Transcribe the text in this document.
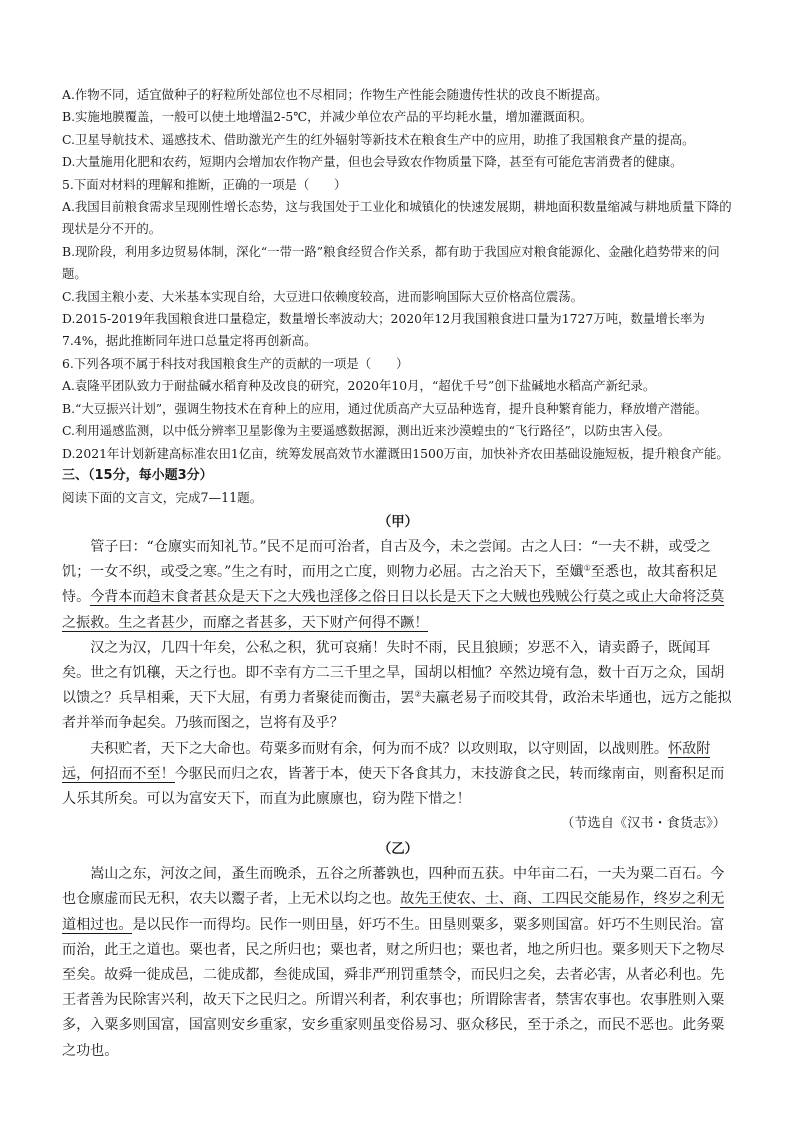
A.作物不同，适宜做种子的籽粒所处部位也不尽相同；作物生产性能会随遗传性状的改良不断提高。

B.实施地膜覆盖，一般可以使土地增温2-5℃，并减少单位农产品的平均耗水量，增加灌溉面积。

C.卫星导航技术、遥感技术、借助激光产生的红外辐射等新技术在粮食生产中的应用，助推了我国粮食产量的提高。

D.大量施用化肥和农药，短期内会增加农作物产量，但也会导致农作物质量下降，甚至有可能危害消费者的健康。

5.下面对材料的理解和推断，正确的一项是（　　）

A.我国目前粮食需求呈现刚性增长态势，这与我国处于工业化和城镇化的快速发展期，耕地面积数量缩减与耕地质量下降的现状是分不开的。

B.现阶段，利用多边贸易体制，深化“一带一路”粮食经贸合作关系，都有助于我国应对粮食能源化、金融化趋势带来的问题。

C.我国主粮小麦、大米基本实现自给，大豆进口依赖度较高，进而影响国际大豆价格高位震荡。

D.2015-2019年我国粮食进口量稳定，数量增长率波动大；2020年12月我国粮食进口量为1727万吨，数量增长率为7.4%，据此推断同年进口总量定将再创新高。

6.下列各项不属于科技对我国粮食生产的贡献的一项是（　　）

A.袁隆平团队致力于耐盐碱水稻育种及改良的研究，2020年10月，“超优千号”创下盐碱地水稻高产新纪录。

B.“大豆振兴计划”，强调生物技术在育种上的应用，通过优质高产大豆品种选育，提升良种繁育能力，释放增产潜能。

C.利用遥感监测，以中低分辨率卫星影像为主要遥感数据源，测出近来沙漠蝗虫的“飞行路径”，以防虫害入侵。

D.2021年计划新建高标准农田1亿亩，统筹发展高效节水灌溉田1500万亩，加快补齐农田基础设施短板，提升粮食产能。

三、（15分，每小题3分）

阅读下面的文言文，完成7—11题。

（甲）

管子曰：“仓廪实而知礼节。”民不足而可治者，自古及今，未之尝闻。古之人曰：“一夫不耕，或受之饥；一女不织，或受之寒。”生之有时，而用之亡度，则物力必屈。古之治天下，至孅①至悉也，故其畜积足恃。今背本而趋末食者甚众是天下之大残也淫侈之俗日日以长是天下之大贼也残贼公行莫之或止大命将泛莫之振救。生之者甚少，而靡之者甚多，天下财产何得不蹶！

汉之为汉，几四十年矣，公私之积，犹可哀痛！失时不雨，民且狼顾；岁恶不入，请卖爵子，既闻耳矣。世之有饥穰，天之行也。即不幸有方二三千里之旱，国胡以相恤？卒然边境有急，数十百万之众，国胡以馈之？兵旱相乘，天下大屈，有勇力者聚徒而衡击，罢②夫羸老易子而咬其骨，政治未毕通也，远方之能拟者并举而争起矣。乃骇而图之，岂将有及乎？

夫积贮者，天下之大命也。苟粟多而财有余，何为而不成？以攻则取，以守则固，以战则胜。怀敌附远，何招而不至！今驱民而归之农，皆著于本，使天下各食其力，末技游食之民，转而缘南亩，则畜积足而人乐其所矣。可以为富安天下，而直为此廪廪也，窃为陛下惜之！

（节选自《汉书・食货志》）

（乙）

嵩山之东，河汝之间，蚤生而晚杀，五谷之所蕃孰也，四种而五获。中年亩二石，一夫为粟二百石。今也仓廪虚而民无积，农夫以鬻子者，上无术以均之也。故先王使农、士、商、工四民交能易作，终岁之利无道相过也。是以民作一而得均。民作一则田垦，奸巧不生。田垦则粟多，粟多则国富。奸巧不生则民治。富而治，此王之道也。粟也者，民之所归也；粟也者，财之所归也；粟也者，地之所归也。粟多则天下之物尽至矣。故舜一徙成邑，二徙成都，叁徙成国，舜非严刑罚重禁令，而民归之矣，去者必害，从者必利也。先王者善为民除害兴利，故天下之民归之。所谓兴利者，利农事也；所谓除害者，禁害农事也。农事胜则入粟多，入粟多则国富，国富则安乡重家，安乡重家则虽变俗易习、驱众移民，至于杀之，而民不恶也。此务粟之功也。
